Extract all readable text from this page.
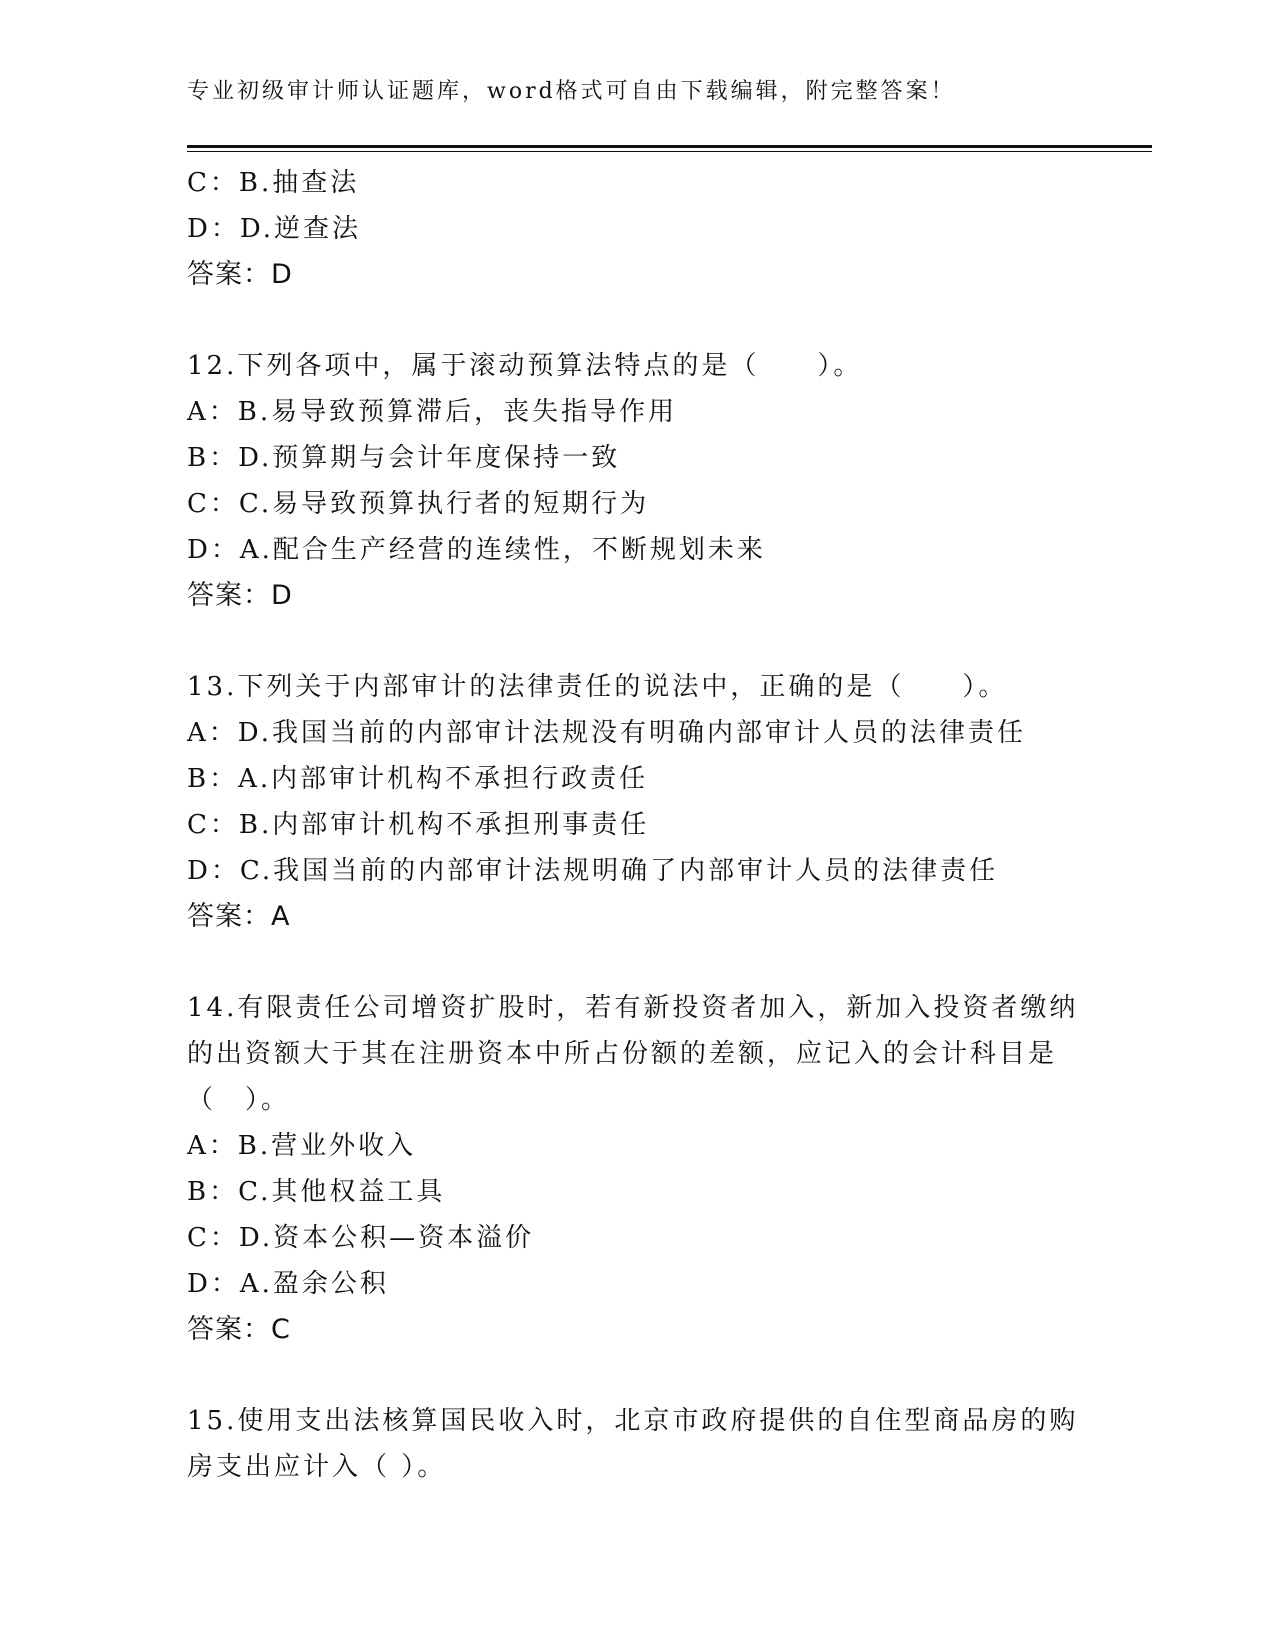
专业初级审计师认证题库，word格式可自由下载编辑，附完整答案！
C：B.抽查法
D：D.逆查法
答案：D
12.下列各项中，属于滚动预算法特点的是（　　）。
A：B.易导致预算滞后，丧失指导作用
B：D.预算期与会计年度保持一致
C：C.易导致预算执行者的短期行为
D：A.配合生产经营的连续性，不断规划未来
答案：D
13.下列关于内部审计的法律责任的说法中，正确的是（　　）。
A：D.我国当前的内部审计法规没有明确内部审计人员的法律责任
B：A.内部审计机构不承担行政责任
C：B.内部审计机构不承担刑事责任
D：C.我国当前的内部审计法规明确了内部审计人员的法律责任
答案：A
14.有限责任公司增资扩股时，若有新投资者加入，新加入投资者缴纳
的出资额大于其在注册资本中所占份额的差额，应记入的会计科目是
（　）。
A：B.营业外收入
B：C.其他权益工具
C：D.资本公积—资本溢价
D：A.盈余公积
答案：C
15.使用支出法核算国民收入时，北京市政府提供的自住型商品房的购
房支出应计入（ ）。
